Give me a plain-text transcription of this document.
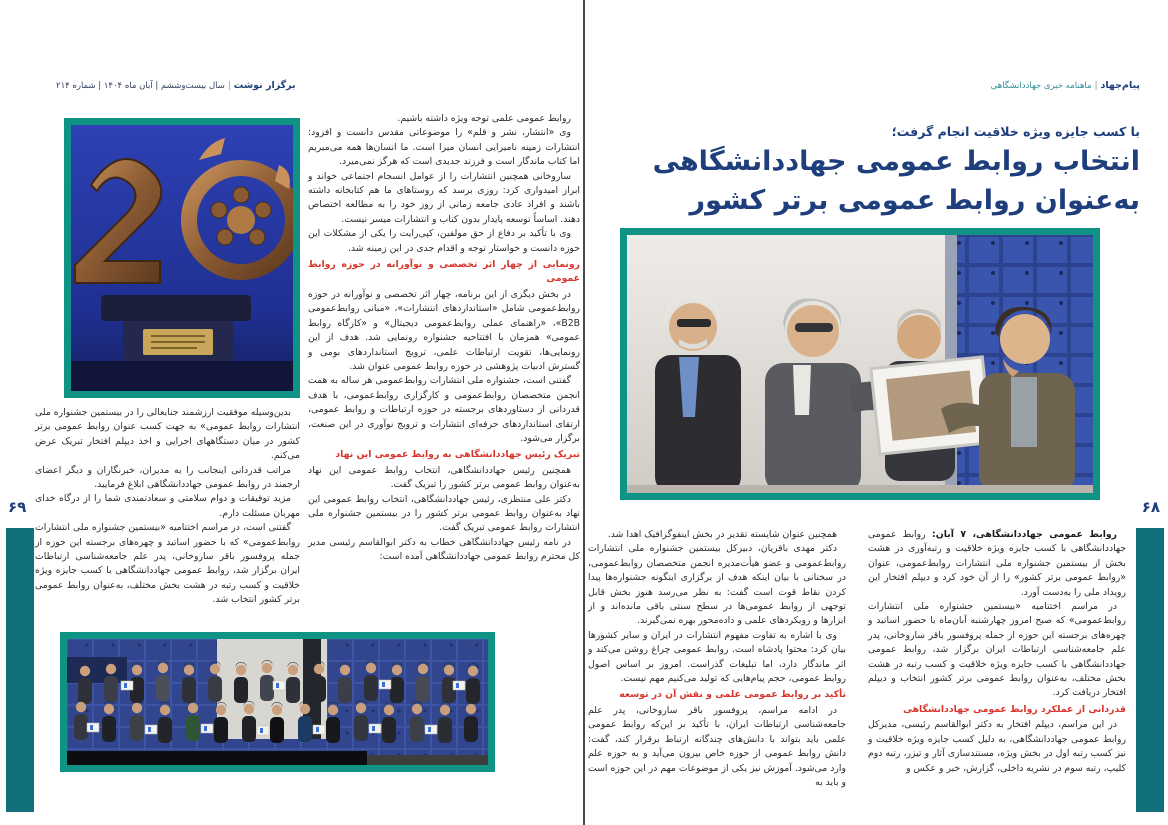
۶۹	۶۸
برگزار نوشت|سال بیست‌وششم | آبان ماه ۱۴۰۴ | شماره ۲۱۴

بدین‌وسیله موفقیت ارزشمند جنابعالی را در بیستمین جشنواره ملی انتشارات روابط عمومی» به جهت کسب عنوان روابط عمومی برتر کشور در میان دستگاههای اجرایی و اخذ دیپلم افتخار تبریک عرض می‌کنم.

مراتب قدردانی اینجانب را به مدیران، خبرنگاران و دیگر اعضای ارجمند در روابط عمومی جهاددانشگاهی ابلاغ فرمایید.

مزید توفیقات و دوام سلامتی و سعادتمندی شما را از درگاه خدای مهربان مسئلت دارم.

گفتنی است، در مراسم اختتامیه «بیستمین جشنواره ملی انتشارات روابط‌عمومی» که با حضور اساتید و چهره‌های برجسته این حوزه از جمله پروفسور باقر ساروخانی، پدر علم جامعه‌شناسی ارتباطات ایران برگزار شد، روابط عمومی جهاددانشگاهی با کسب جایزه ویژه خلاقیت و کسب رتبه در هشت بخش مختلف، به‌عنوان روابط عمومی برتر کشور انتخاب شد.

روابط عمومی علمی توجه ویژه داشته باشیم.

وی «انتشار، نشر و قلم» را موضوعاتی مقدس دانست و افزود: انتشارات زمینه نامیرایی انسان میرا است. ما انسان‌ها همه می‌میریم اما کتاب ماندگار است و فرزند جدیدی است که هرگز نمی‌میرد.

ساروخانی همچنین انتشارات را از عوامل انسجام اجتماعی خواند و ابراز امیدواری کرد: روزی برسد که روستاهای ما هم کتابخانه داشته باشند و افراد عادی جامعه زمانی از روز خود را به مطالعه اختصاص دهند. اساساً توسعه پایدار بدون کتاب و انتشارات میسر نیست.

وی با تأکید بر دفاع از حق مولفین، کپی‌رایت را یکی از مشکلات این حوزه دانست و خواستار توجه و اقدام جدی در این زمینه شد.

رونمایی از چهار اثر تخصصی و نوآورانه در حوزه روابط عمومی

در بخش دیگری از این برنامه، چهار اثر تخصصی و نوآورانه در حوزه روابط‌عمومی شامل «استانداردهای انتشارات»، «مبانی روابط‌عمومی B2B»، «راهنمای عملی روابط‌عمومی دیجیتال» و «کارگاه روابط عمومی» همزمان با افتتاحیه جشنواره رونمایی شد. هدف از این رونمایی‌ها، تقویت ارتباطات علمی، ترویج استانداردهای بومی و گسترش ادبیات پژوهشی در حوزه روابط عمومی عنوان شد.

گفتنی است، جشنواره ملی انتشارات روابط‌عمومی هر ساله به همت انجمن متخصصان روابط‌عمومی و کارگزاری روابط‌عمومی، با هدف قدردانی از دستاوردهای برجسته در حوزه ارتباطات و روابط عمومی، ارتقای استانداردهای حرفه‌ای انتشارات و ترویج نوآوری در این صنعت، برگزار می‌شود.

تبریک رئیس جهاددانشگاهی به روابط عمومی این نهاد

همچنین رئیس جهاددانشگاهی، انتخاب روابط عمومی این نهاد به‌عنوان روابط عمومی برتر کشور را تبریک گفت.

دکتر علی منتظری، رئیس جهاددانشگاهی، انتخاب روابط عمومی این نهاد به‌عنوان روابط عمومی برتر کشور را در بیستمین جشنواره ملی انتشارات روابط عمومی تبریک گفت.

در نامه رئیس جهاددانشگاهی خطاب به دکتر ابوالقاسم رئیسی مدیر کل محترم روابط عمومی جهاددانشگاهی آمده است:

پیام‌جهاد|ماهنامه خبری جهاددانشگاهی
با کسب جایزه ویژه خلاقیت انجام گرفت؛
انتخاب روابط عمومی جهاددانشگاهی
به‌عنوان روابط عمومی برتر کشور

روابط عمومی جهاددانشگاهی، ۷ آبان: روابط عمومی جهاددانشگاهی با کسب جایزه ویژه خلاقیت و رتبه‌آوری در هشت بخش از بیستمین جشنواره ملی انتشارات روابط‌عمومی، عنوان «روابط عمومی برتر کشور» را از آن خود کرد و دیپلم افتخار این رویداد ملی را به‌دست آورد.

در مراسم اختتامیه «بیستمین جشنواره ملی انتشارات روابط‌عمومی» که صبح امروز چهارشنبه آبان‌ماه با حضور اساتید و چهره‌های برجسته این حوزه از جمله پروفسور باقر ساروخانی، پدر علم جامعه‌شناسی ارتباطات ایران برگزار شد، روابط عمومی جهاددانشگاهی با کسب جایزه ویژه خلاقیت و کسب رتبه در هشت بخش مختلف، به‌عنوان روابط عمومی برتر کشور انتخاب و دیپلم افتخار دریافت کرد.

قدردانی از عملکرد روابط عمومی جهاددانشگاهی

در این مراسم، دیپلم افتخار به دکتر ابوالقاسم رئیسی، مدیرکل روابط عمومی جهاددانشگاهی، به دلیل کسب جایزه ویژه خلاقیت و نیز کسب رتبه اول در بخش ویژه، مستندسازی آثار و تیزر، رتبه دوم کلیپ، رتبه سوم در نشریه داخلی، گزارش، خبر و عکس و

همچنین عنوان شایسته تقدیر در بخش اینفوگرافیک اهدا شد.

دکتر مهدی باقریان، دبیرکل بیستمین جشنواره ملی انتشارات روابط‌عمومی و عضو هیأت‌مدیره انجمن متخصصان روابط‌عمومی، در سخنانی با بیان اینکه هدف از برگزاری اینگونه جشنواره‌ها پیدا کردن نقاط قوت است گفت: به نظر می‌رسد هنوز بخش قابل توجهی از روابط عمومی‌ها در سطح سنتی باقی مانده‌اند و از ابزارها و رویکردهای علمی و داده‌محور بهره نمی‌گیرند.

وی با اشاره به تفاوت مفهوم انتشارات در ایران و سایر کشورها بیان کرد: محتوا پادشاه است. روابط عمومی چراغ روشن می‌کند و اثر ماندگار دارد، اما تبلیغات گذراست. امروز بر اساس اصول روابط عمومی، حجم پیام‌هایی که تولید می‌کنیم مهم نیست.

تأکید بر روابط عمومی علمی و نقش آن در توسعه

در ادامه مراسم، پروفسور باقر ساروخانی، پدر علم جامعه‌شناسی ارتباطات ایران، با تأکید بر این‌که روابط عمومی علمی باید بتواند با دانش‌های چندگانه ارتباط برقرار کند، گفت: دانش روابط عمومی از حوزه خاص بیرون می‌آید و به حوزه علم وارد می‌شود. آموزش نیز یکی از موضوعات مهم در این حوزه است و باید به
